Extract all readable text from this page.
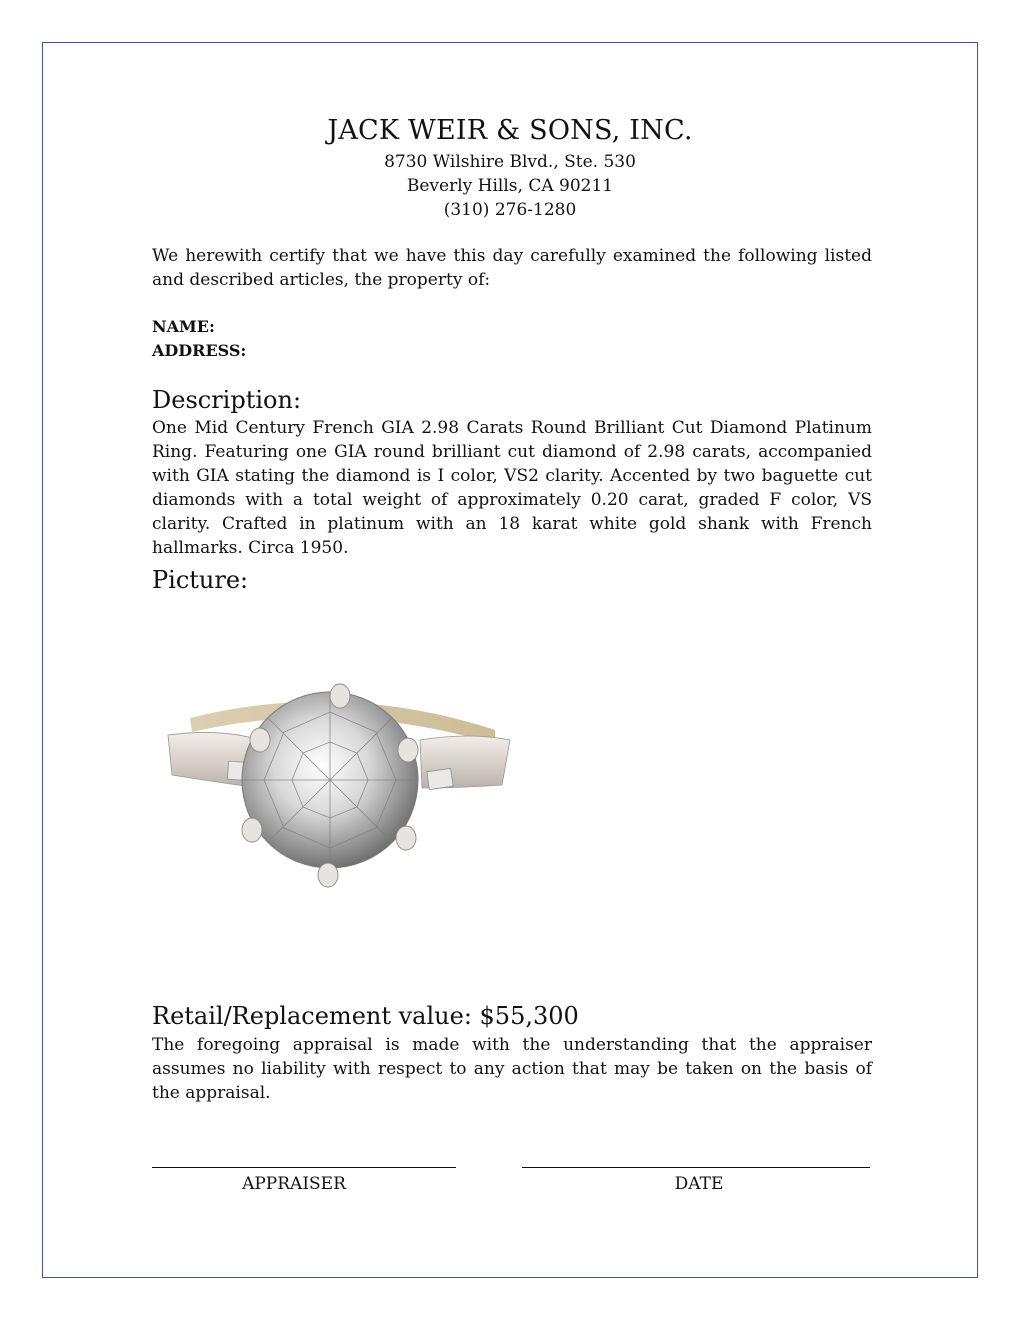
JACK WEIR & SONS, INC.
8730 Wilshire Blvd., Ste. 530
Beverly Hills, CA 90211
(310) 276-1280
We herewith certify that we have this day carefully examined the following listed and described articles, the property of:
NAME:
ADDRESS:
Description:
One Mid Century French GIA 2.98 Carats Round Brilliant Cut Diamond Platinum Ring. Featuring one GIA round brilliant cut diamond of 2.98 carats, accompanied with GIA stating the diamond is I color, VS2 clarity. Accented by two baguette cut diamonds with a total weight of approximately 0.20 carat, graded F color, VS clarity. Crafted in platinum with an 18 karat white gold shank with French hallmarks. Circa 1950.
Picture:
Retail/Replacement value: $55,300
The foregoing appraisal is made with the understanding that the appraiser assumes no liability with respect to any action that may be taken on the basis of the appraisal.
APPRAISER	DATE
